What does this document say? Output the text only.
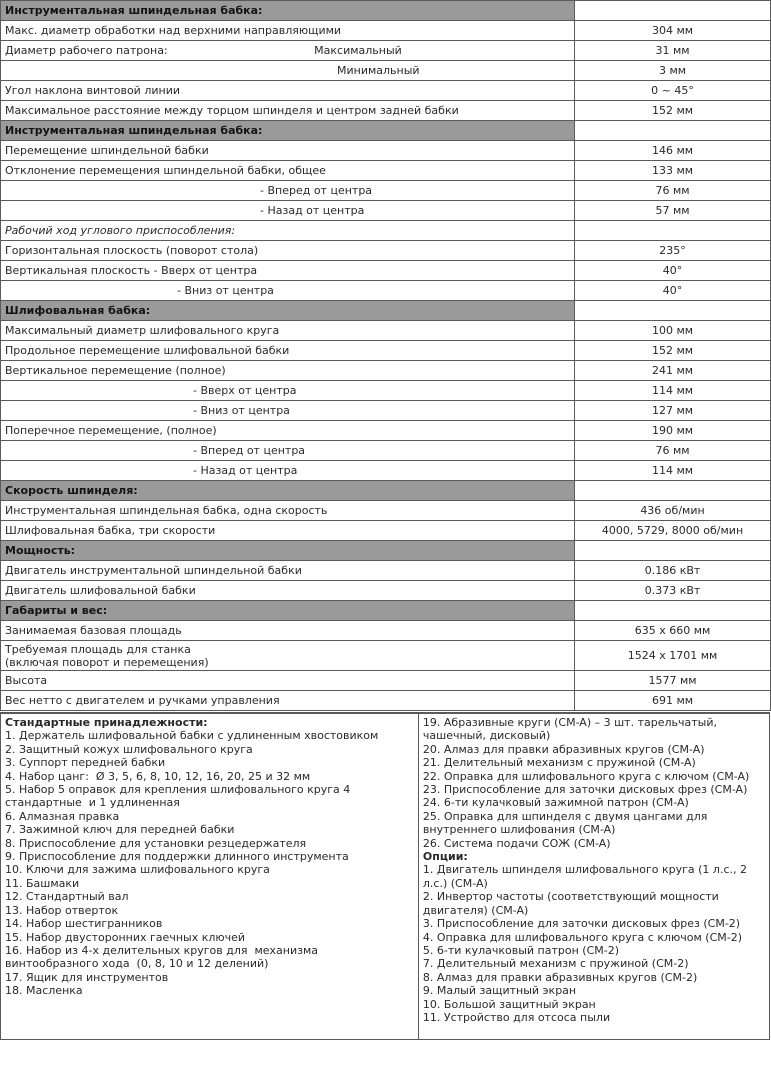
Инструментальная шпиндельная бабка:	
Макс. диаметр обработки над верхними направляющими	304 мм
Диаметр рабочего патрона: Максимальный	31 мм
Минимальный	3 мм
Угол наклона винтовой линии	0 ~ 45°
Максимальное расстояние между торцом шпинделя и центром задней бабки	152 мм
Инструментальная шпиндельная бабка:	
Перемещение шпиндельной бабки	146 мм
Отклонение перемещения шпиндельной бабки, общее	133 мм
- Вперед от центра	76 мм
- Назад от центра	57 мм
Рабочий ход углового приспособления:	
Горизонтальная плоскость (поворот стола)	235°
Вертикальная плоскость - Вверх от центра	40°
- Вниз от центра	40°
Шлифовальная бабка:	
Максимальный диаметр шлифовального круга	100 мм
Продольное перемещение шлифовальной бабки	152 мм
Вертикальное перемещение (полное)	241 мм
- Вверх от центра	114 мм
- Вниз от центра	127 мм
Поперечное перемещение, (полное)	190 мм
- Вперед от центра	76 мм
- Назад от центра	114 мм
Скорость шпинделя:	
Инструментальная шпиндельная бабка, одна скорость	436 об/мин
Шлифовальная бабка, три скорости	4000, 5729, 8000 об/мин
Мощность:	
Двигатель инструментальной шпиндельной бабки	0.186 кВт
Двигатель шлифовальной бабки	0.373 кВт
Габариты и вес:	
Занимаемая базовая площадь	635 x 660 мм

Требуемая площадь для станка
(включая поворот и перемещения)	1524 x 1701 мм
Высота	1577 мм
Вес нетто с двигателем и ручками управления	691 мм
Стандартные принадлежности:
1. Держатель шлифовальной бабки с удлиненным хвостовиком
2. Защитный кожух шлифовального круга
3. Суппорт передней бабки
4. Набор цанг:  Ø 3, 5, 6, 8, 10, 12, 16, 20, 25 и 32 мм
5. Набор 5 оправок для крепления шлифовального круга 4 стандартные  и 1 удлиненная
6. Алмазная правка
7. Зажимной ключ для передней бабки
8. Приспособление для установки резцедержателя
9. Приспособление для поддержки длинного инструмента
10. Ключи для зажима шлифовального круга
11. Башмаки
12. Стандартный вал
13. Набор отверток
14. Набор шестигранников
15. Набор двусторонних гаечных ключей
16. Набор из 4-х делительных кругов для  механизма винтообразного хода  (0, 8, 10 и 12 делений)
17. Ящик для инструментов
18. Масленка
19. Абразивные круги (CM-A) – 3 шт. тарельчатый, чашечный, дисковый)
20. Алмаз для правки абразивных кругов (CM-A)
21. Делительный механизм с пружиной (CM-A)
22. Оправка для шлифовального круга с ключом (CM-A)
23. Приспособление для заточки дисковых фрез (CM-A)
24. 6-ти кулачковый зажимной патрон (CM-A)
25. Оправка для шпинделя с двумя цангами для внутреннего шлифования (CM-A)
26. Система подачи СОЖ (CM-A)
Опции:
1. Двигатель шпинделя шлифовального круга (1 л.с., 2 л.с.) (CM-A)
2. Инвертор частоты (соответствующий мощности двигателя) (CM-A)
3. Приспособление для заточки дисковых фрез (CM-2)
4. Оправка для шлифовального круга с ключом (CM-2)
5. 6-ти кулачковый патрон (CM-2)
7. Делительный механизм с пружиной (CM-2)
8. Алмаз для правки абразивных кругов (CM-2)
9. Малый защитный экран
10. Большой защитный экран
11. Устройство для отсоса пыли
